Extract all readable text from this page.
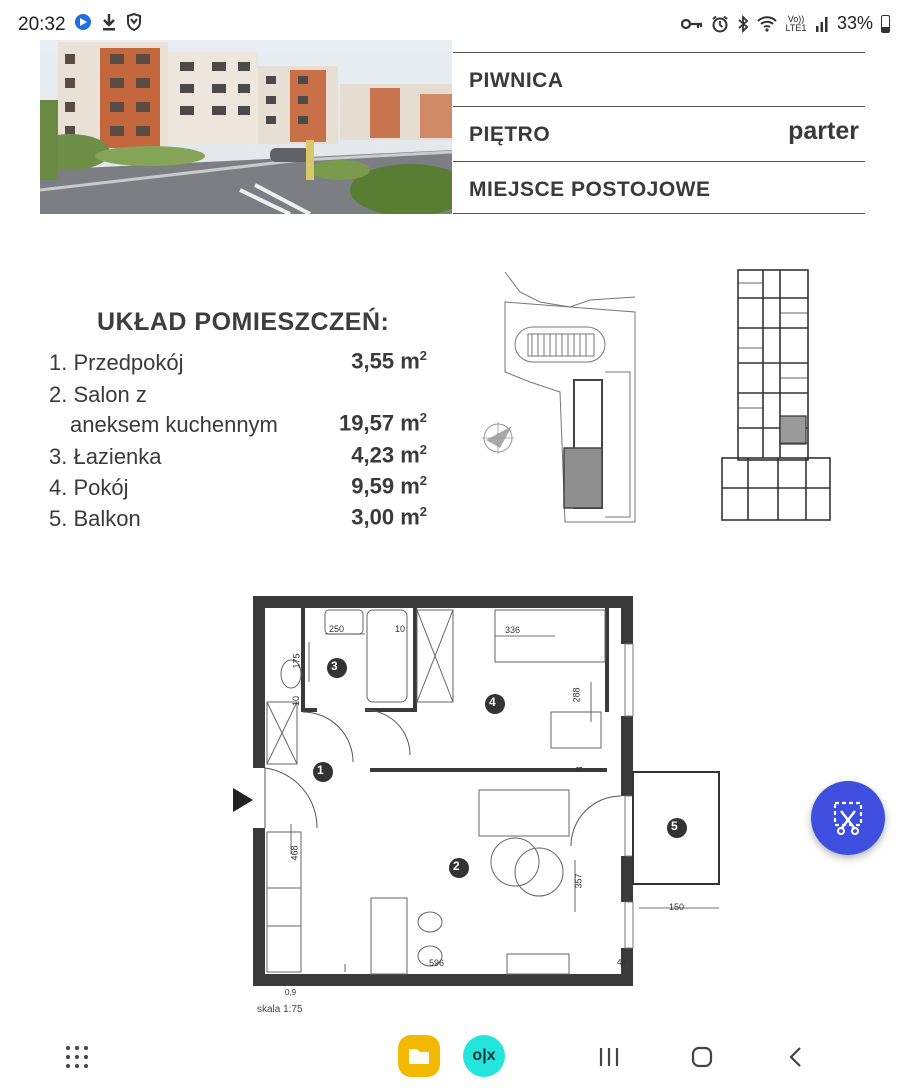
20:32	Vo)) LTE1 33%
PIWNICA
PIĘTRO	parter
MIEJSCE POSTOJOWE
UKŁAD POMIESZCZEŃ:
1. Przedpokój	3,55 $m^2$
2. Salon z
aneksem kuchennym	19,57 $m^2$
3. Łazienka	4,23 $m^2$
4. Pokój	9,59 $m^2$
5. Balkon	3,00 $m^2$
1
2
3
4
5
250	10	336
175
10	288
8
468
357
596
150
44
0,9
skala 1:75
o|x
